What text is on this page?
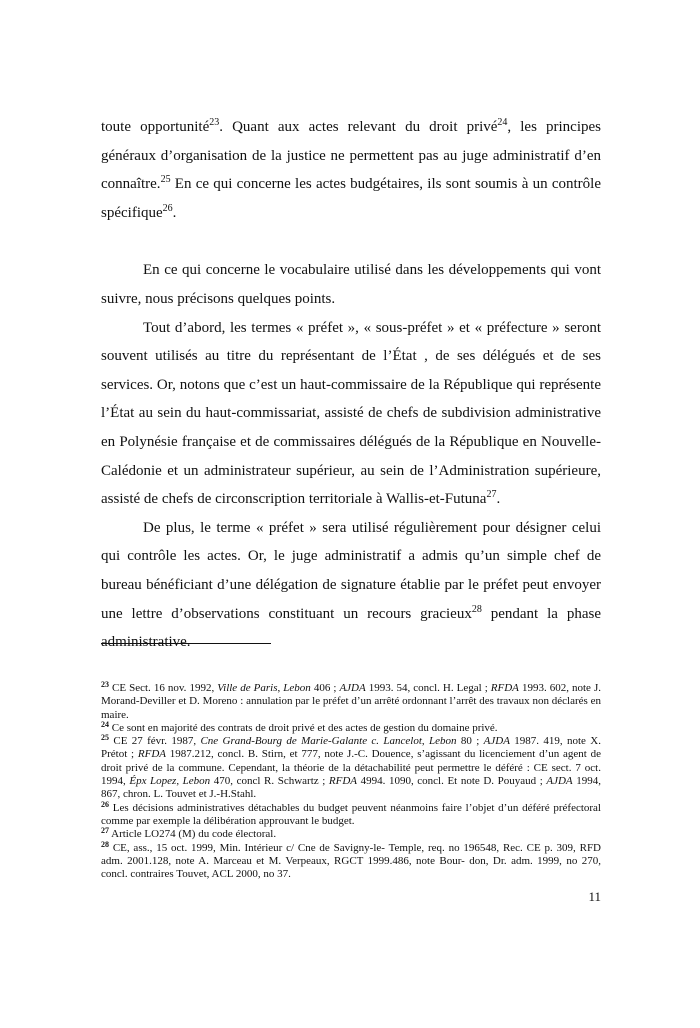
toute opportunité$^{23}$. Quant aux actes relevant du droit privé$^{24}$, les principes généraux d’organisation de la justice ne permettent pas au juge administratif d’en connaître.$^{25}$ En ce qui concerne les actes budgétaires, ils sont soumis à un contrôle spécifique$^{26}$.

En ce qui concerne le vocabulaire utilisé dans les développements qui vont suivre, nous précisons quelques points.

Tout d’abord, les termes « préfet », « sous-préfet » et « préfecture » seront souvent utilisés au titre du représentant de l’État , de ses délégués et de ses services. Or, notons que c’est un haut-commissaire de la République qui représente l’État au sein du haut-commissariat, assisté de chefs de subdivision administrative en Polynésie française et de commissaires délégués de la République en Nouvelle-Calédonie et un administrateur supérieur, au sein de l’Administration supérieure, assisté de chefs de circonscription territoriale à Wallis-et-Futuna$^{27}$.

De plus, le terme « préfet » sera utilisé régulièrement pour désigner celui qui contrôle les actes. Or, le juge administratif a admis qu’un simple chef de bureau bénéficiant d’une délégation de signature établie par le préfet peut envoyer une lettre d’observations constituant un recours gracieux$^{28}$ pendant la phase administrative.

$^{23}$ CE Sect. 16 nov. 1992, Ville de Paris, Lebon 406 ; AJDA 1993. 54, concl. H. Legal ; RFDA 1993. 602, note J. Morand-Deviller et D. Moreno : annulation par le préfet d’un arrêté ordonnant l’arrêt des travaux non déclarés en maire.

$^{24}$ Ce sont en majorité des contrats de droit privé et des actes de gestion du domaine privé.

$^{25}$ CE 27 févr. 1987, Cne Grand-Bourg de Marie-Galante c. Lancelot, Lebon 80 ; AJDA 1987. 419, note X. Prétot ; RFDA 1987.212, concl. B. Stirn, et 777, note J.-C. Douence, s’agissant du licenciement d’un agent de droit privé de la commune. Cependant, la théorie de la détachabilité peut permettre le déféré : CE sect. 7 oct. 1994, Épx Lopez, Lebon 470, concl R. Schwartz ; RFDA 4994. 1090, concl. Et note D. Pouyaud ; AJDA 1994, 867, chron. L. Touvet et J.-H.Stahl.

$^{26}$ Les décisions administratives détachables du budget peuvent néanmoins faire l’objet d’un déféré préfectoral comme par exemple la délibération approuvant le budget.

$^{27}$ Article LO274 (M) du code électoral.

$^{28}$ CE, ass., 15 oct. 1999, Min. Intérieur c/ Cne de Savigny-le- Temple, req. no 196548, Rec. CE p. 309, RFD adm. 2001.128, note A. Marceau et M. Verpeaux, RGCT 1999.486, note Bour- don, Dr. adm. 1999, no 270, concl. contraires Touvet, ACL 2000, no 37.

11
